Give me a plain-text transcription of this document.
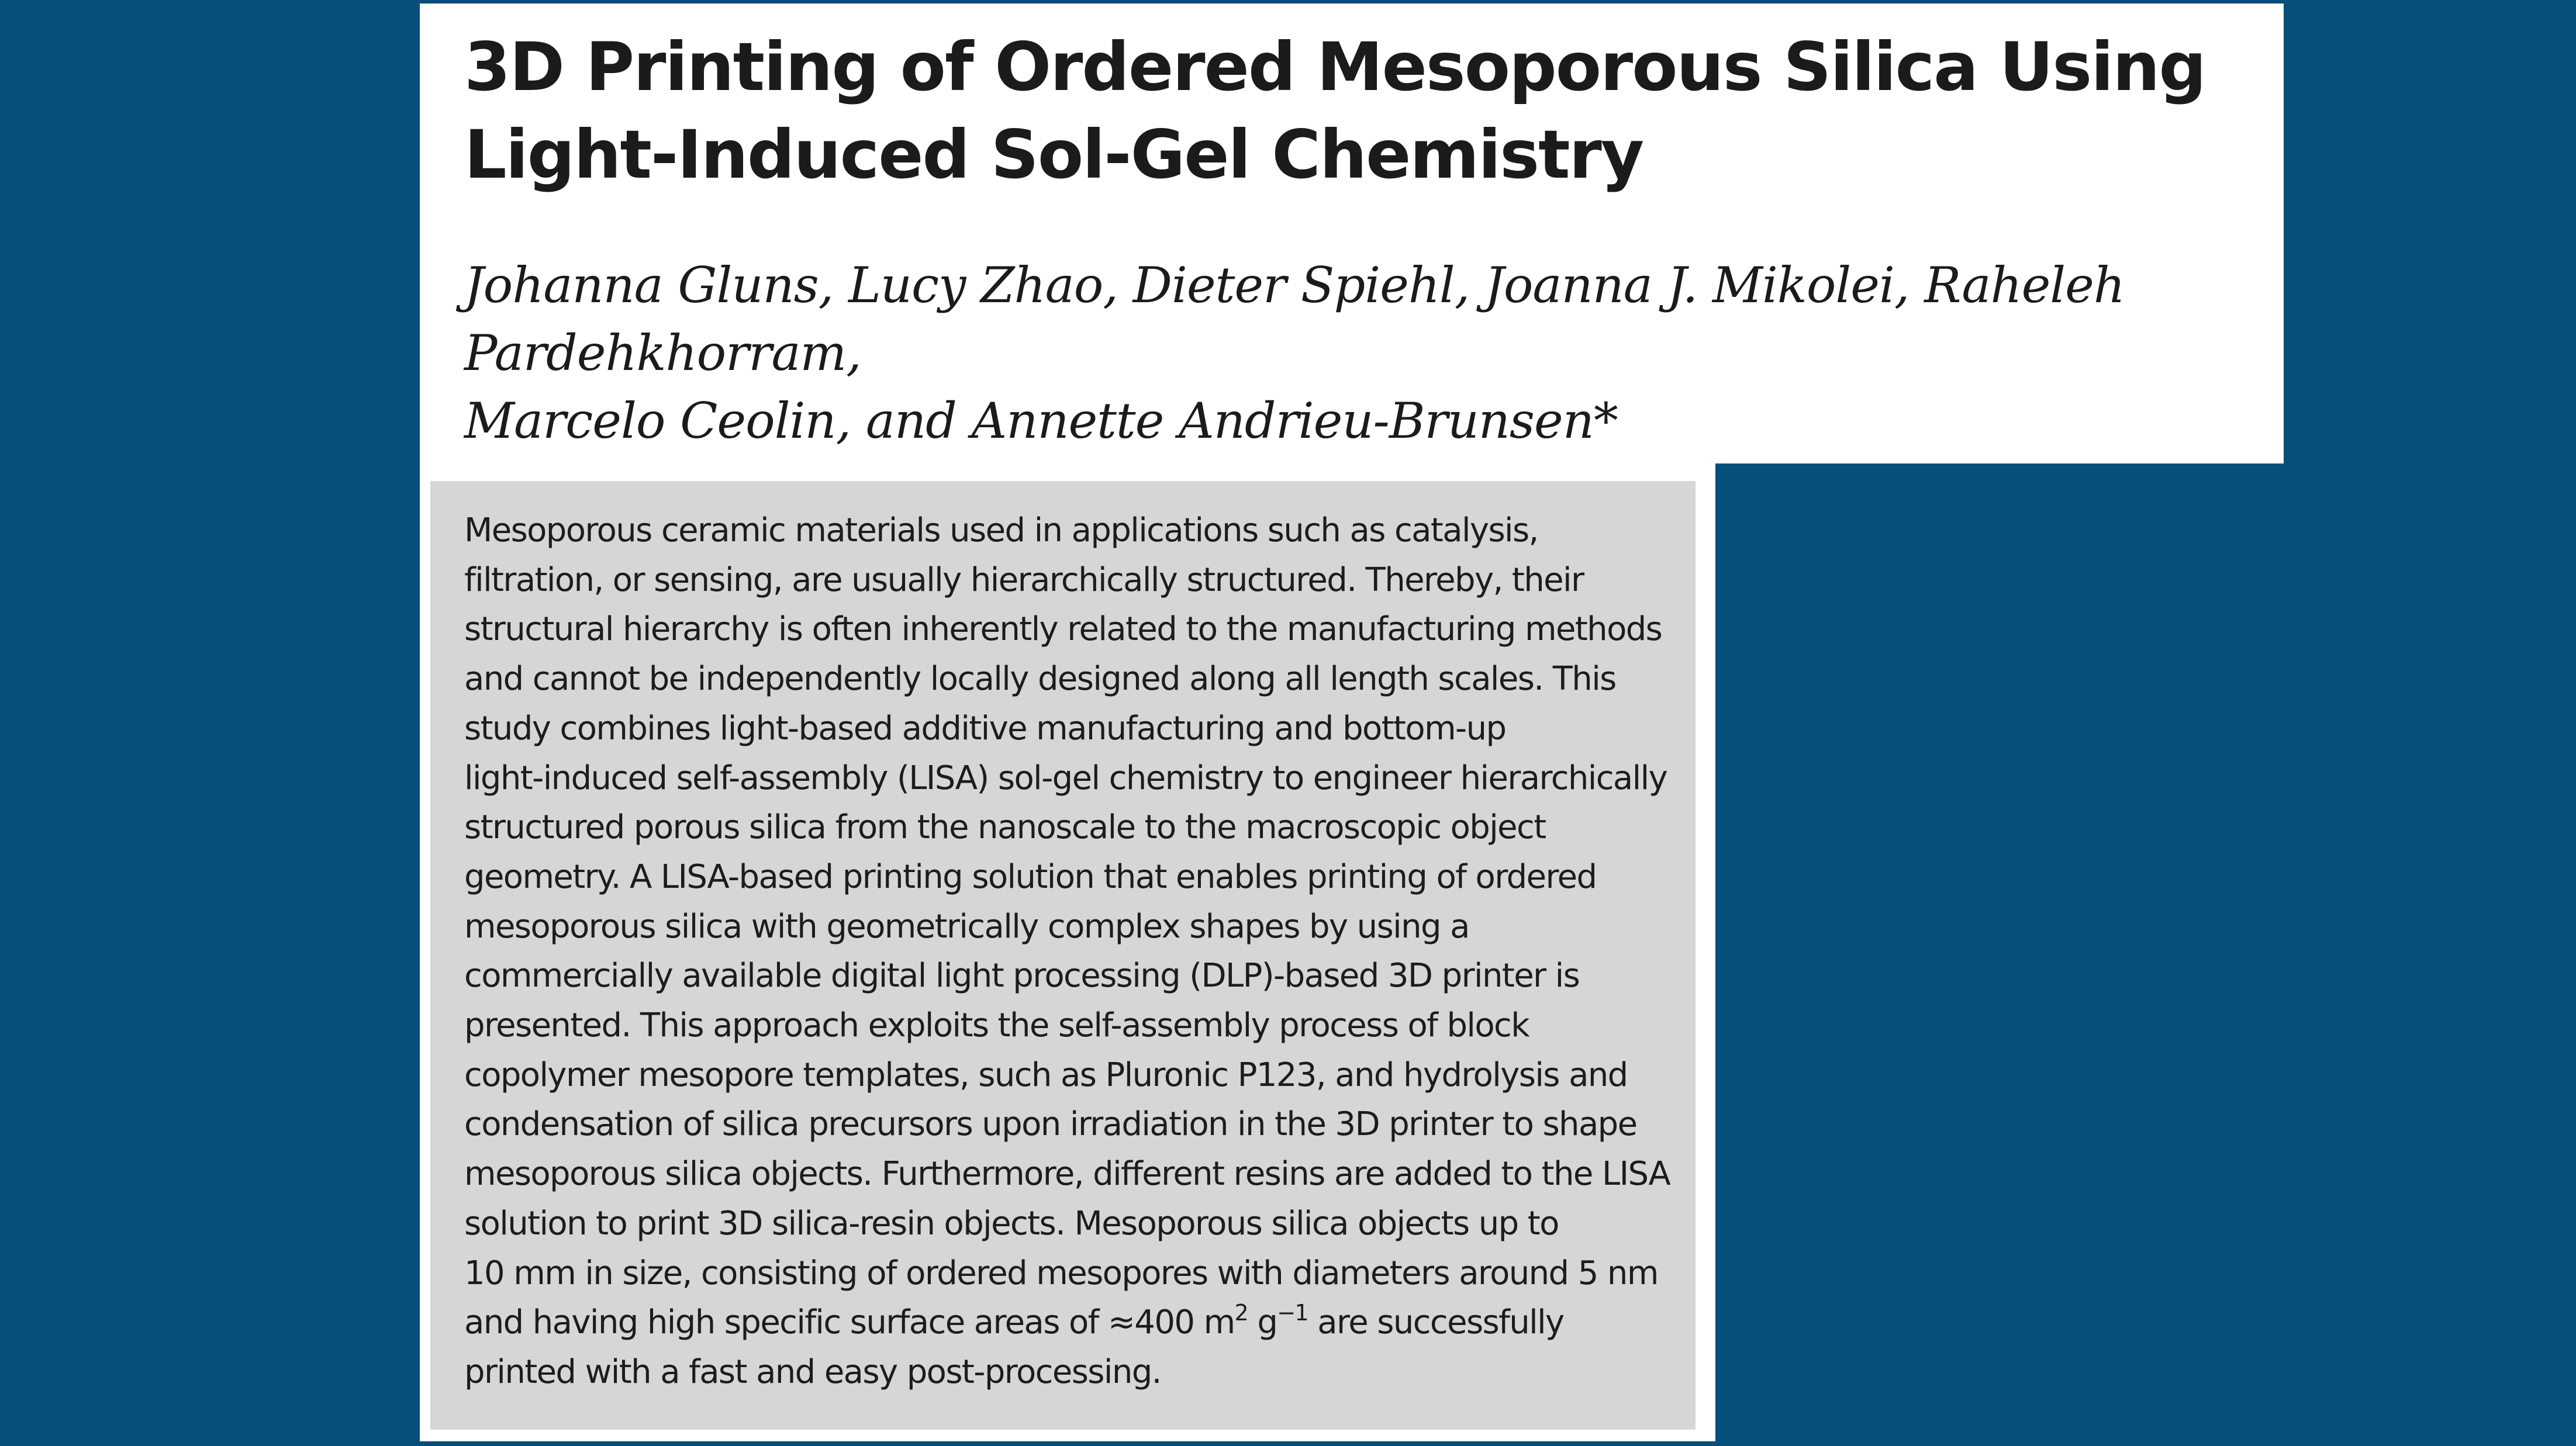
3D Printing of Ordered Mesoporous Silica Using
Light-Induced Sol-Gel Chemistry

Johanna Gluns, Lucy Zhao, Dieter Spiehl, Joanna J. Mikolei, Raheleh Pardehkhorram,
Marcelo Ceolin, and Annette Andrieu-Brunsen*

Mesoporous ceramic materials used in applications such as catalysis,
filtration, or sensing, are usually hierarchically structured. Thereby, their
structural hierarchy is often inherently related to the manufacturing methods
and cannot be independently locally designed along all length scales. This
study combines light-based additive manufacturing and bottom-up
light-induced self-assembly (LISA) sol-gel chemistry to engineer hierarchically
structured porous silica from the nanoscale to the macroscopic object
geometry. A LISA-based printing solution that enables printing of ordered
mesoporous silica with geometrically complex shapes by using a
commercially available digital light processing (DLP)-based 3D printer is
presented. This approach exploits the self-assembly process of block
copolymer mesopore templates, such as Pluronic P123, and hydrolysis and
condensation of silica precursors upon irradiation in the 3D printer to shape
mesoporous silica objects. Furthermore, different resins are added to the LISA
solution to print 3D silica-resin objects. Mesoporous silica objects up to
10 mm in size, consisting of ordered mesopores with diameters around 5 nm
and having high specific surface areas of ≈400 $m^2$ $g^{-1}$ are successfully
printed with a fast and easy post-processing.
